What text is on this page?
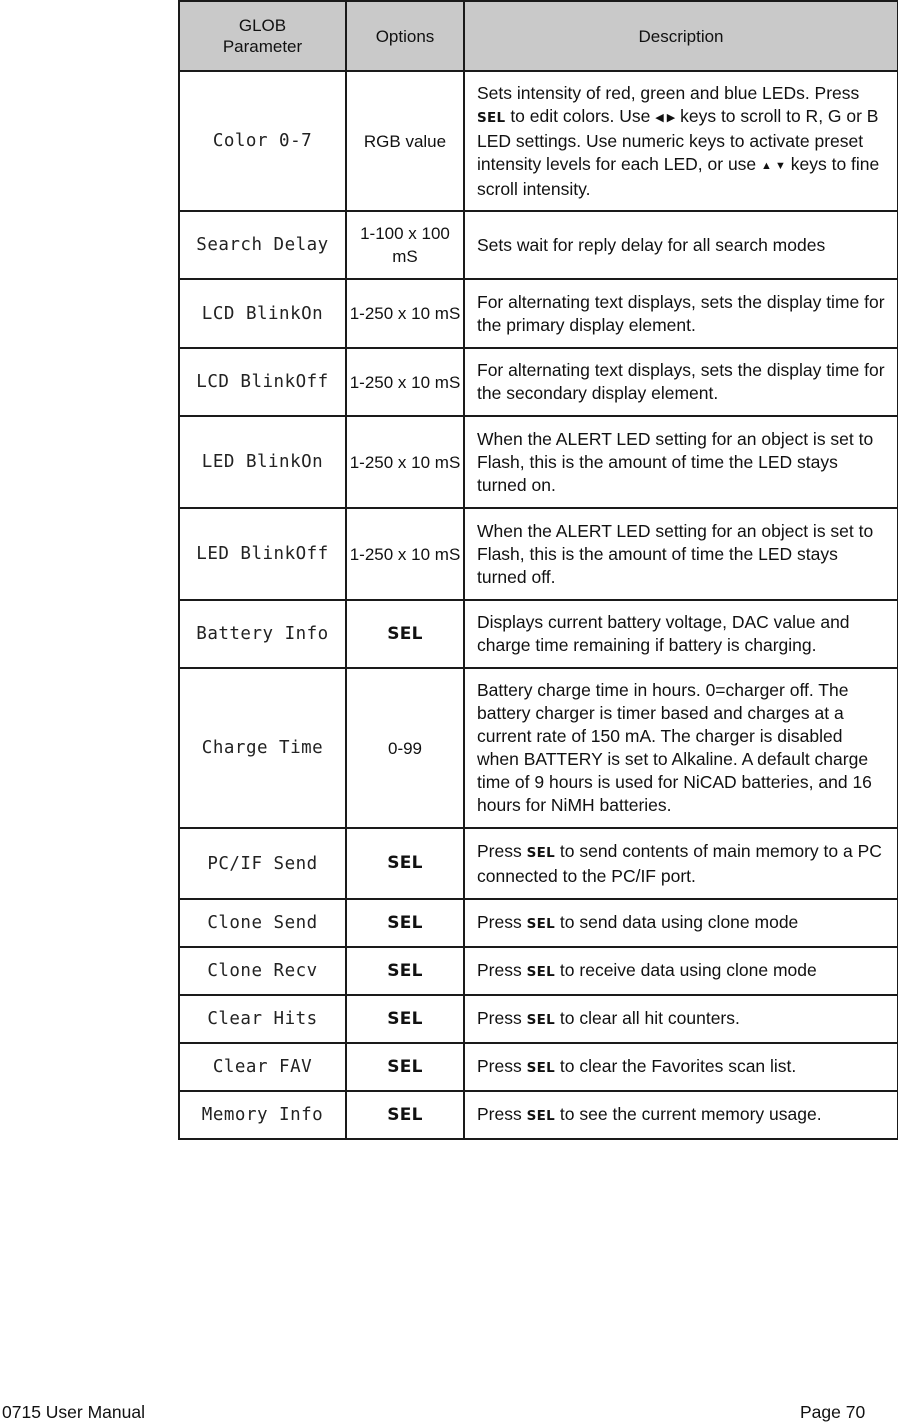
GLOB
Parameter	Options	Description
Color 0-7	RGB value	Sets intensity of red, green and blue LEDs. Press SEL to edit colors. Use ◀ ▶ keys to scroll to R, G or B LED settings. Use numeric keys to activate preset intensity levels for each LED, or use ▲ ▼ keys to fine scroll intensity.
Search Delay	1-100 x 100 mS	Sets wait for reply delay for all search modes
LCD BlinkOn	1-250 x 10 mS	For alternating text displays, sets the display time for the primary display element.
LCD BlinkOff	1-250 x 10 mS	For alternating text displays, sets the display time for the secondary display element.
LED BlinkOn	1-250 x 10 mS	When the ALERT LED setting for an object is set to Flash, this is the amount of time the LED stays turned on.
LED BlinkOff	1-250 x 10 mS	When the ALERT LED setting for an object is set to Flash, this is the amount of time the LED stays turned off.
Battery Info	SEL	Displays current battery voltage, DAC value and charge time remaining if battery is charging.
Charge Time	0-99	Battery charge time in hours. 0=charger off. The battery charger is timer based and charges at a current rate of 150 mA. The charger is disabled when BATTERY is set to Alkaline. A default charge time of 9 hours is used for NiCAD batteries, and 16 hours for NiMH batteries.
PC/IF Send	SEL	Press SEL to send contents of main memory to a PC connected to the PC/IF port.
Clone Send	SEL	Press SEL to send data using clone mode
Clone Recv	SEL	Press SEL to receive data using clone mode
Clear Hits	SEL	Press SEL to clear all hit counters.
Clear FAV	SEL	Press SEL to clear the Favorites scan list.
Memory Info	SEL	Press SEL to see the current memory usage.
0715 User Manual	Page 70
